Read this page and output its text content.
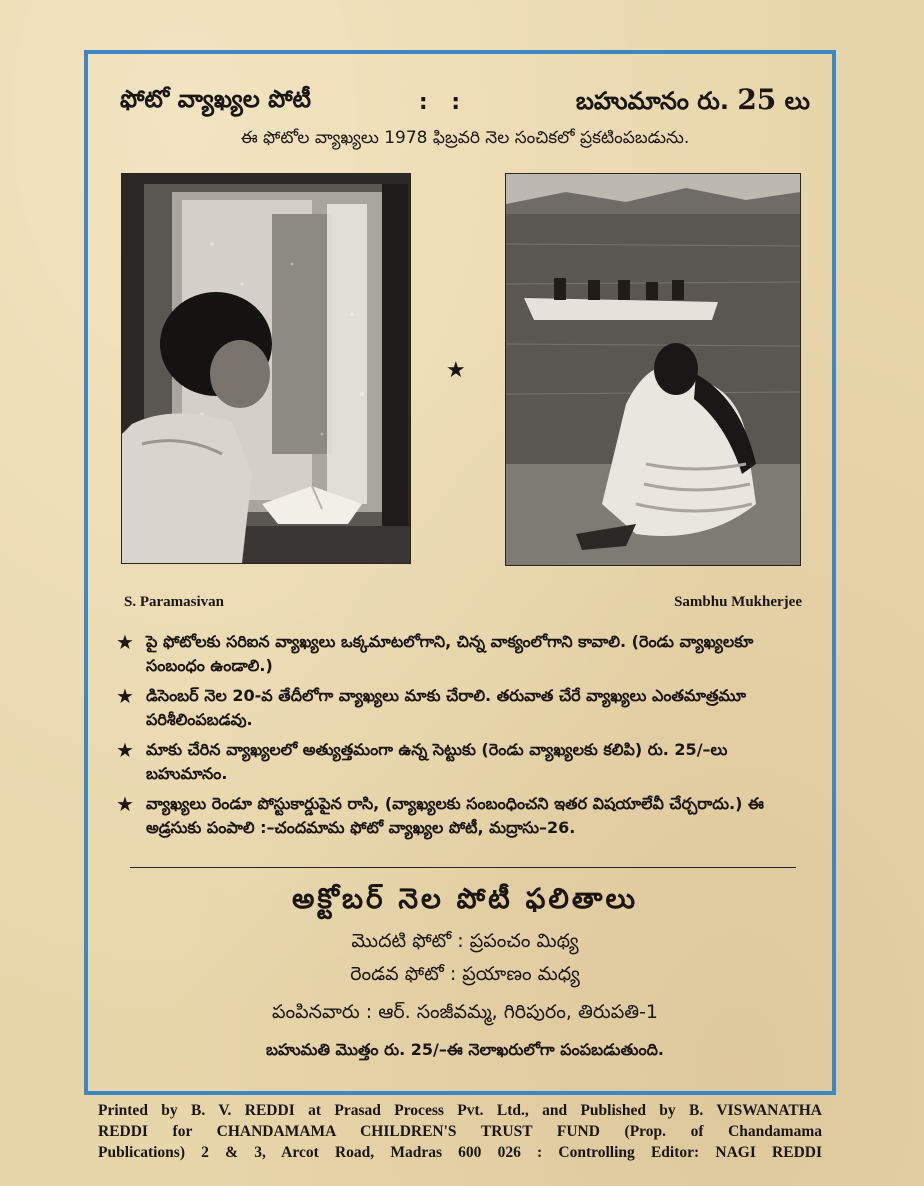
ఫోటో వ్యాఖ్యల పోటీ	: :	బహుమానం రు. 25 లు
ఈ ఫోటోల వ్యాఖ్యలు 1978 ఫిబ్రవరి నెల సంచికలో ప్రకటింపబడును.
★
S. Paramasivan	Sambhu Mukherjee
★ పై ఫోటోలకు సరిఐన వ్యాఖ్యలు ఒక్కమాటలోగాని, చిన్న వాక్యంలోగాని కావాలి. (రెండు వ్యాఖ్యలకూ సంబంధం ఉండాలి.)
★ డిసెంబర్ నెల 20-వ తేదీలోగా వ్యాఖ్యలు మాకు చేరాలి. తరువాత చేరే వ్యాఖ్యలు ఎంతమాత్రమూ పరిశీలింపబడవు.
★ మాకు చేరిన వ్యాఖ్యలలో అత్యుత్తమంగా ఉన్న సెట్టుకు (రెండు వ్యాఖ్యలకు కలిపి) రు. 25/–లు బహుమానం.
★ వ్యాఖ్యలు రెండూ పోస్టుకార్డుపైన రాసి, (వ్యాఖ్యలకు సంబంధించని ఇతర విషయాలేవీ చేర్చరాదు.) ఈ అడ్రసుకు పంపాలి :–చందమామ ఫోటో వ్యాఖ్యల పోటీ, మద్రాసు–26.
అక్టోబర్ నెల పోటీ ఫలితాలు
మొదటి ఫోటో : ప్రపంచం మిథ్య
రెండవ ఫోటో : ప్రయాణం మధ్య
పంపినవారు : ఆర్. సంజీవమ్మ, గిరిపురం, తిరుపతి-1
బహుమతి మొత్తం రు. 25/–ఈ నెలాఖరులోగా పంపబడుతుంది.
Printed by B. V. REDDI at Prasad Process Pvt. Ltd., and Published by B. VISWANATHA
REDDI for CHANDAMAMA CHILDREN'S TRUST FUND (Prop. of Chandamama
Publications) 2 & 3, Arcot Road, Madras 600 026 : Controlling Editor: NAGI REDDI
